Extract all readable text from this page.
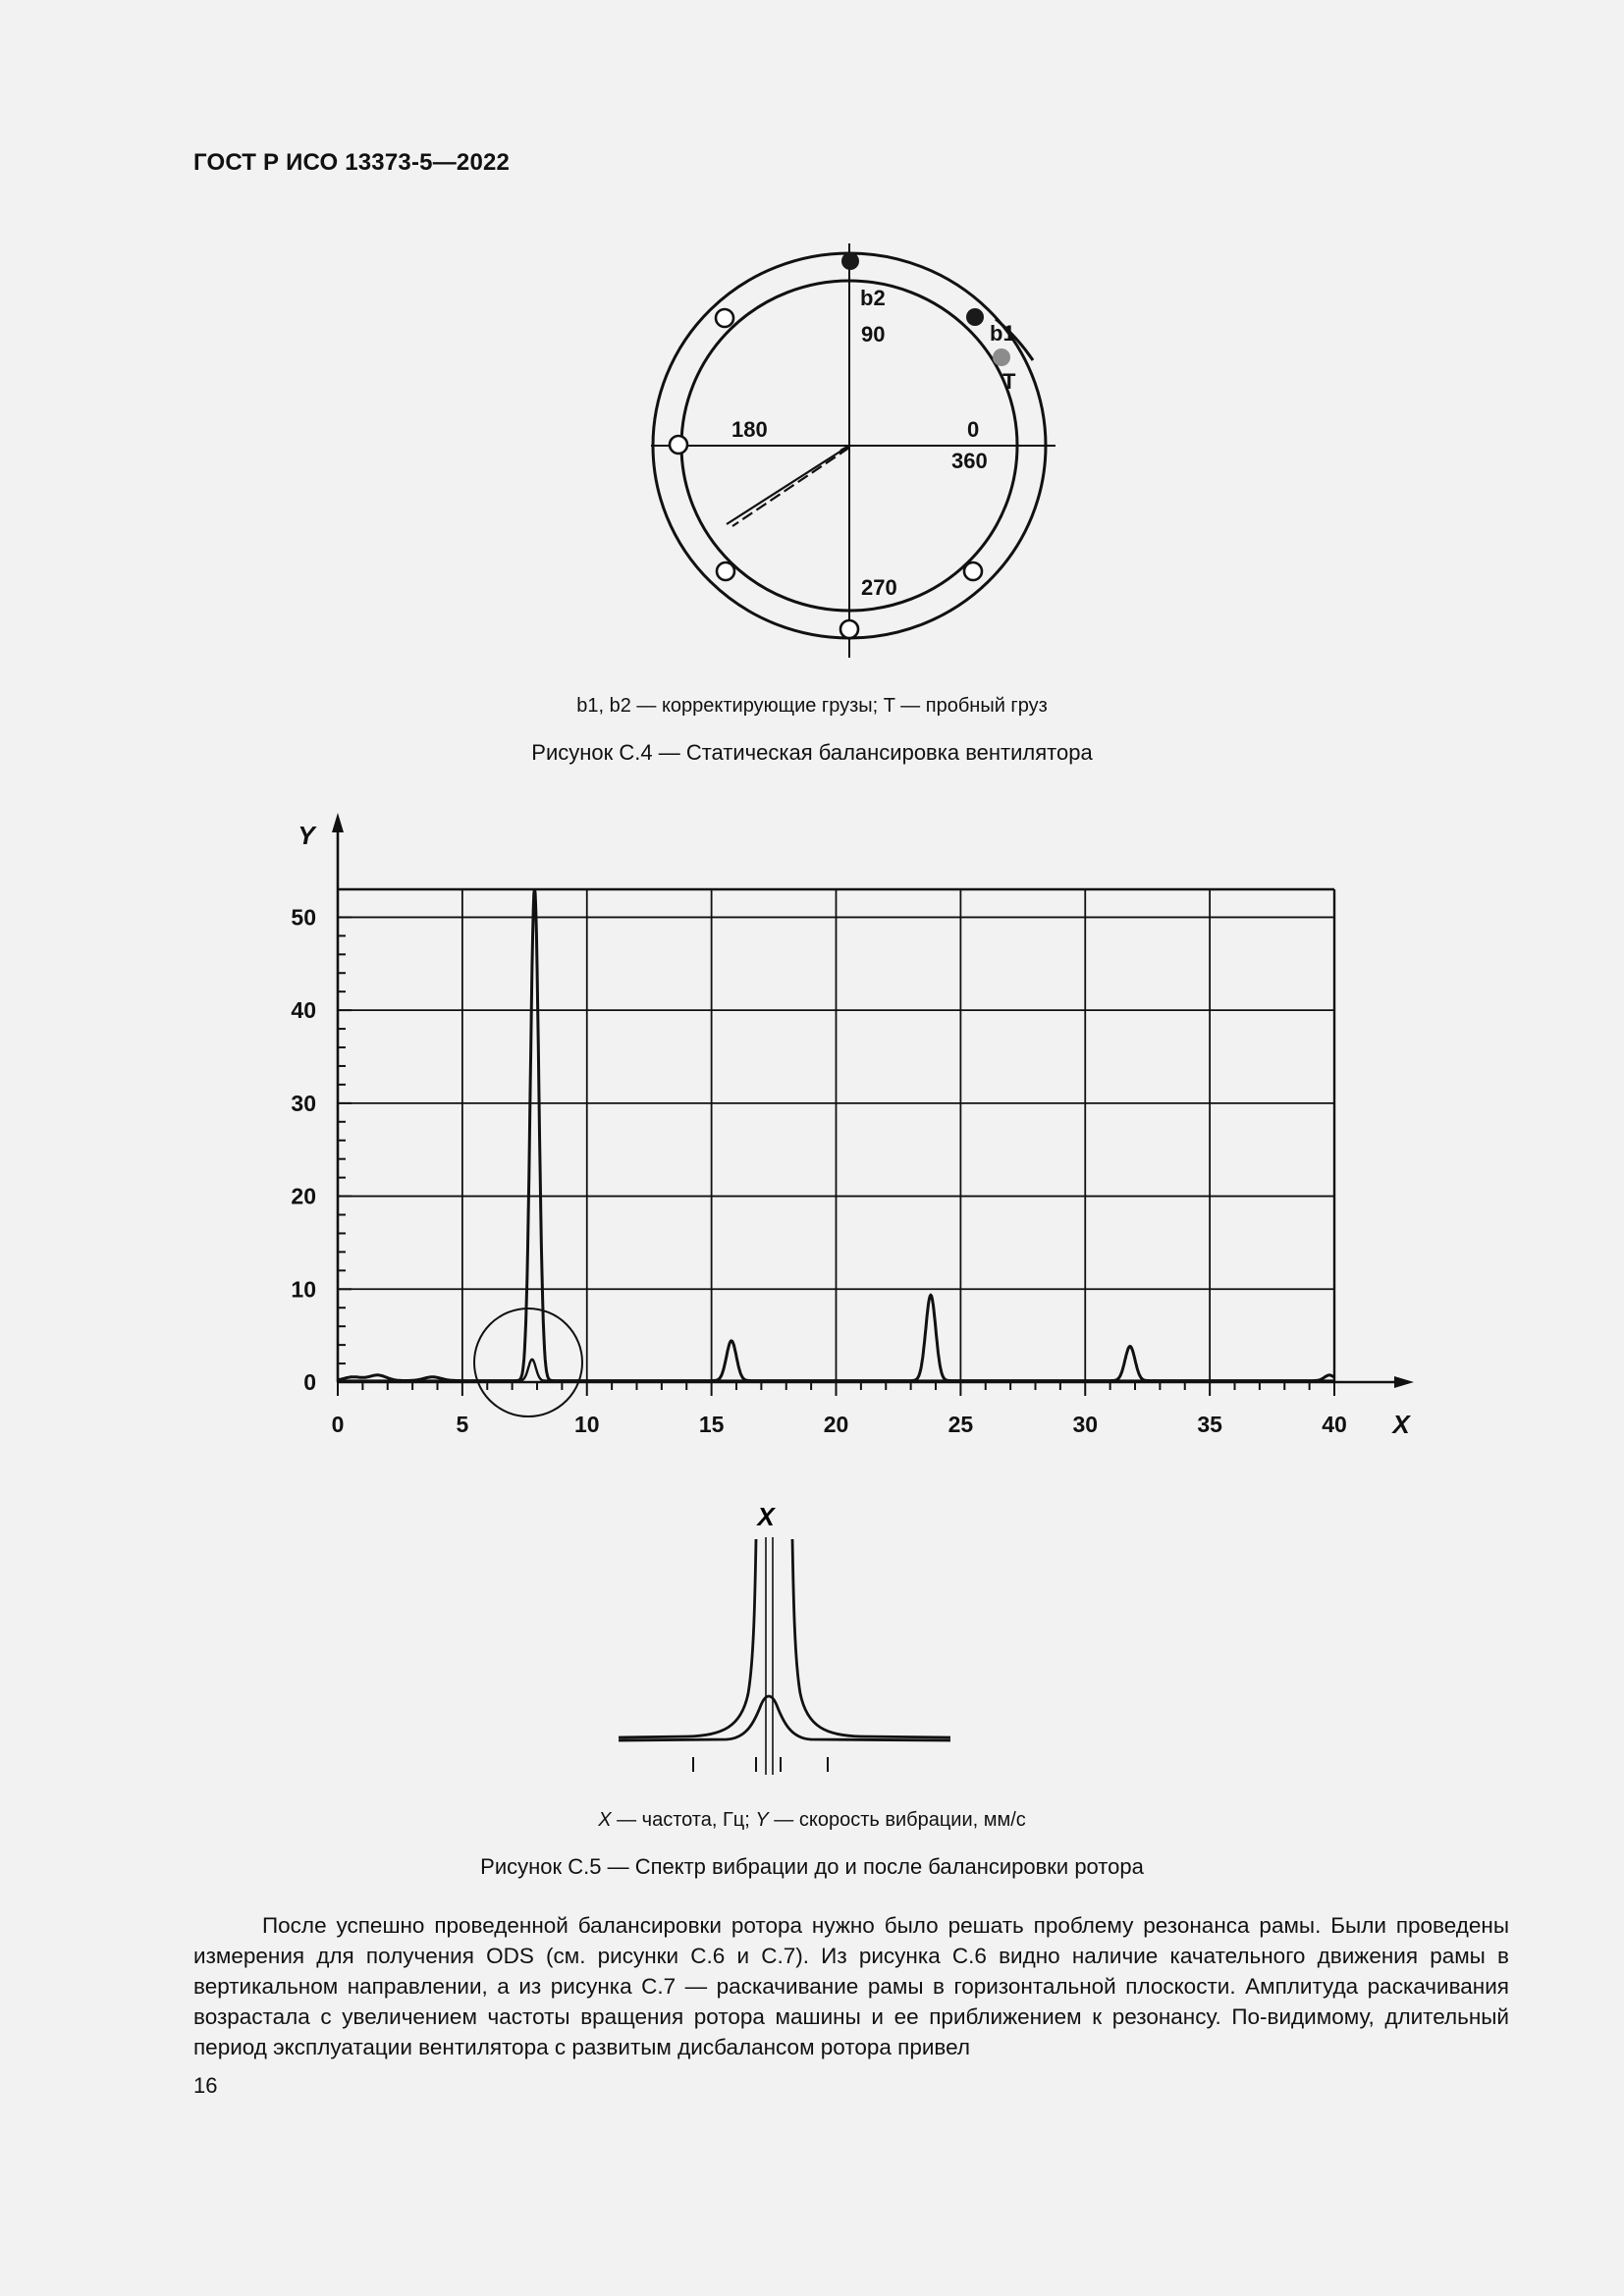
ГОСТ Р ИСО 13373-5—2022
b2
90	b1
T
180	0
360
270
b1, b2 — корректирующие грузы; T — пробный груз
Рисунок С.4 — Статическая балансировка вентилятора
0	5	10	15	20	25	30	35	40
0
10
20
30
40
50
Y
X
X
X — частота, Гц; Y — скорость вибрации, мм/с
Рисунок С.5 — Спектр вибрации до и после балансировки ротора
После успешно проведенной балансировки ротора нужно было решать проблему резонанса рамы. Были проведены измерения для получения ODS (см. рисунки С.6 и С.7). Из рисунка С.6 видно наличие качательного движения рамы в вертикальном направлении, а из рисунка С.7 — раскачивание рамы в горизонтальной плоскости. Амплитуда раскачивания возрастала с увеличением частоты вращения ротора машины и ее приближением к резонансу. По-видимому, длительный период эксплуатации вентилятора с развитым дисбалансом ротора привел
16
